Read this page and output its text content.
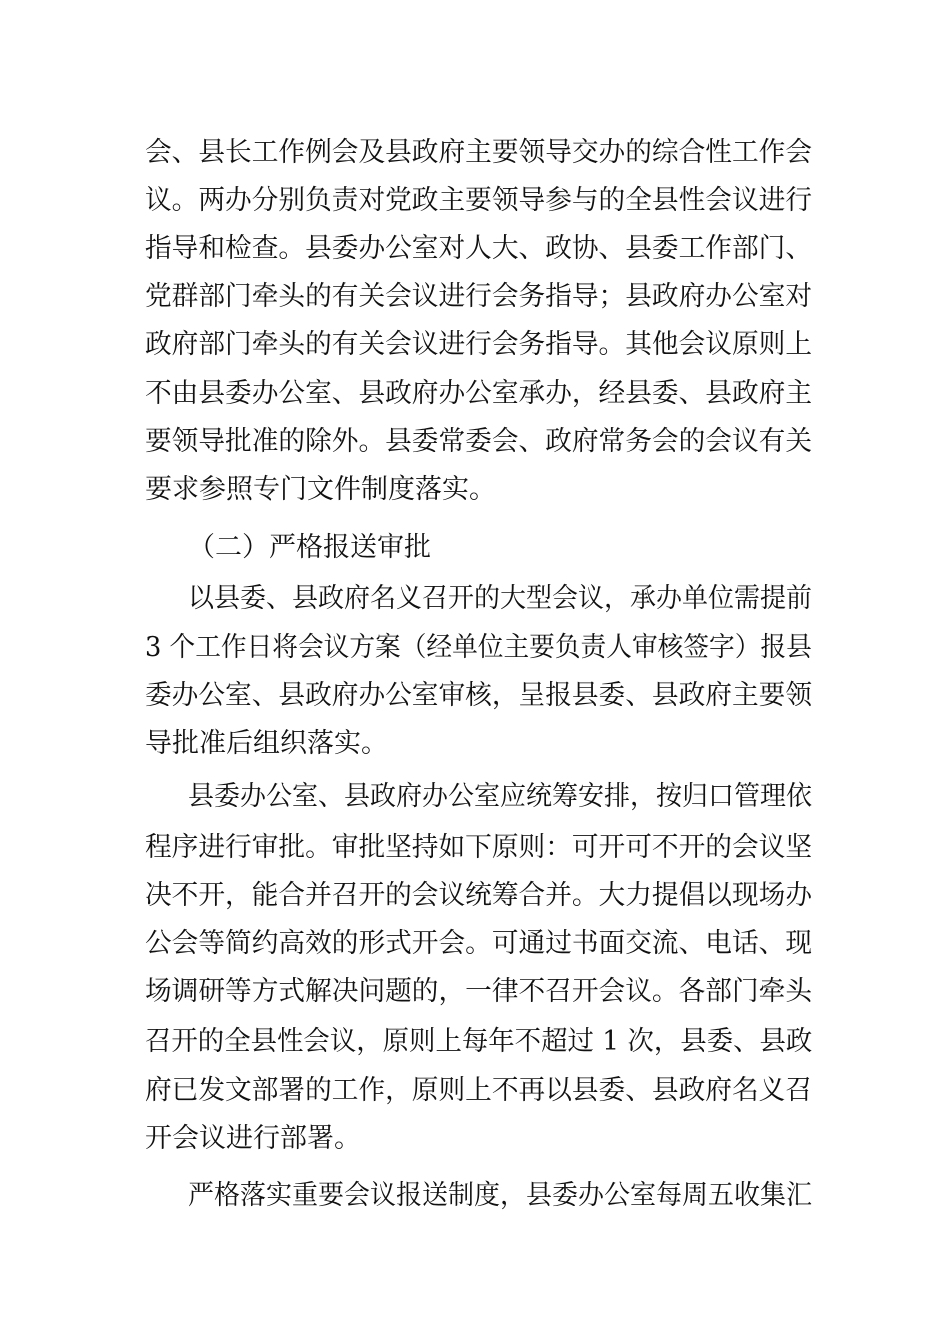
会、县长工作例会及县政府主要领导交办的综合性工作会
议。两办分别负责对党政主要领导参与的全县性会议进行
指导和检查。县委办公室对人大、政协、县委工作部门、
党群部门牵头的有关会议进行会务指导；县政府办公室对
政府部门牵头的有关会议进行会务指导。其他会议原则上
不由县委办公室、县政府办公室承办，经县委、县政府主
要领导批准的除外。县委常委会、政府常务会的会议有关
要求参照专门文件制度落实。
（二）严格报送审批
以县委、县政府名义召开的大型会议，承办单位需提前
3 个工作日将会议方案（经单位主要负责人审核签字）报县
委办公室、县政府办公室审核，呈报县委、县政府主要领
导批准后组织落实。
县委办公室、县政府办公室应统筹安排，按归口管理依
程序进行审批。审批坚持如下原则：可开可不开的会议坚
决不开，能合并召开的会议统筹合并。大力提倡以现场办
公会等简约高效的形式开会。可通过书面交流、电话、现
场调研等方式解决问题的，一律不召开会议。各部门牵头
召开的全县性会议，原则上每年不超过 1 次，县委、县政
府已发文部署的工作，原则上不再以县委、县政府名义召
开会议进行部署。
严格落实重要会议报送制度，县委办公室每周五收集汇
